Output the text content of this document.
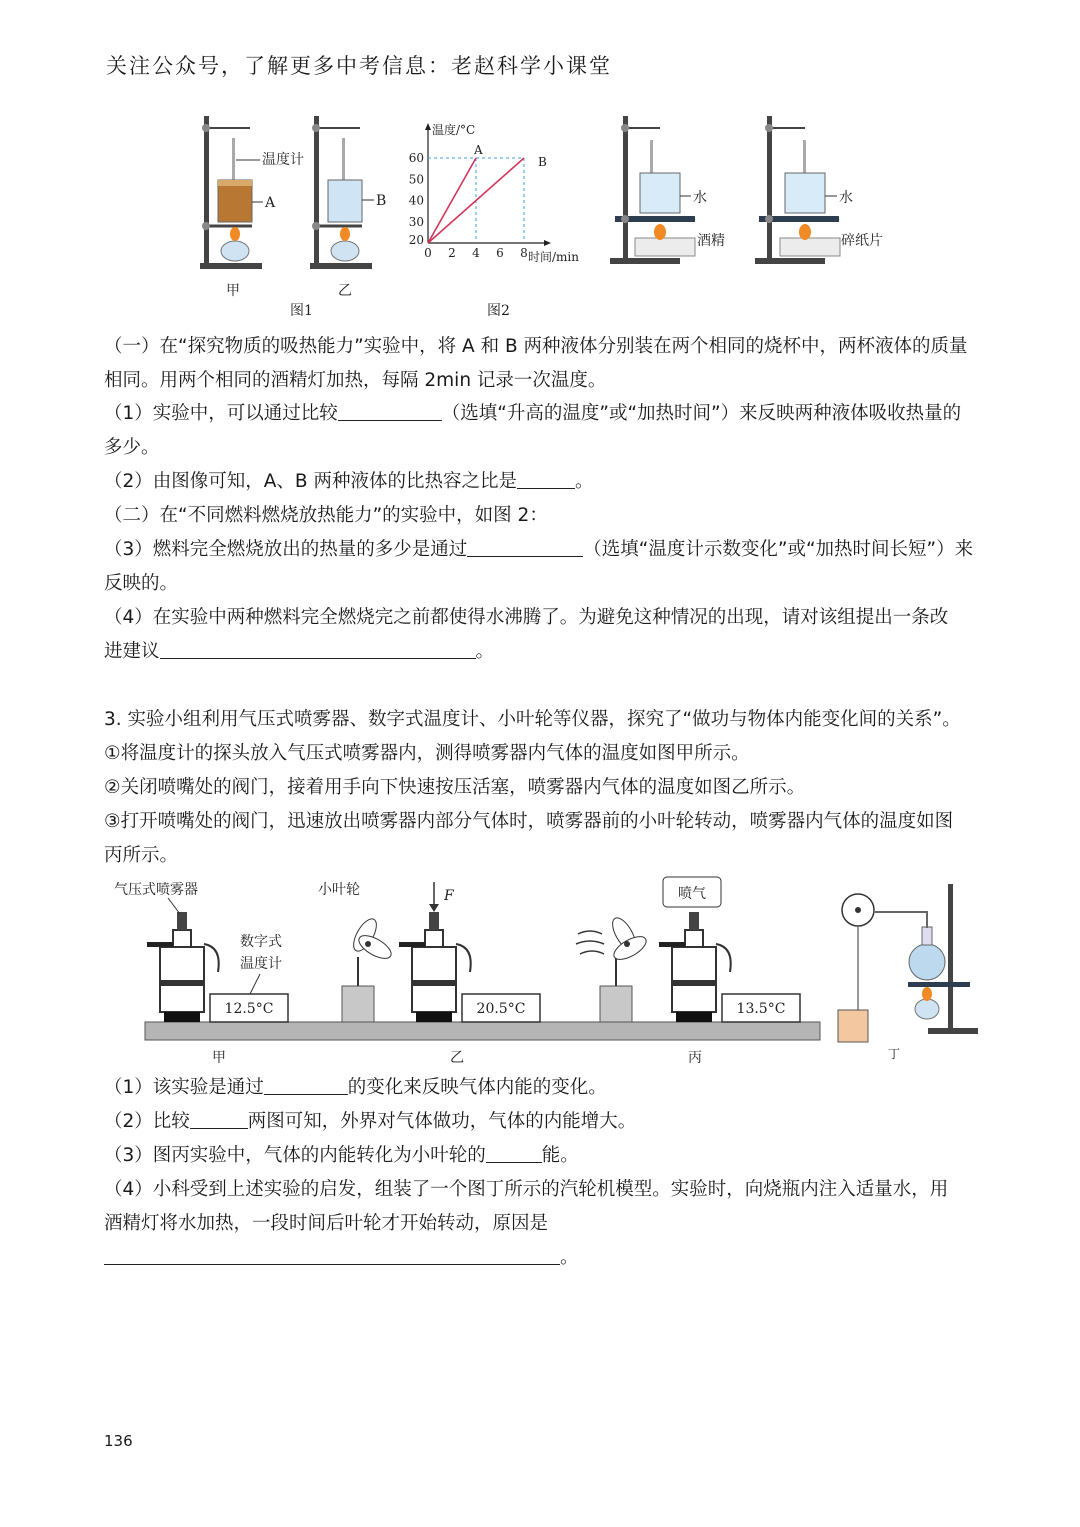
关注公众号，了解更多中考信息：老赵科学小课堂
温度计
A	B
甲	乙
图1
温度/°C
时间/min
0 2 4 6 8
30
40
50
60
20
A
B
图2
水
酒精
水
碎纸片
（一）在“探究物质的吸热能力”实验中，将 A 和 B 两种液体分别装在两个相同的烧杯中，两杯液体的质量
相同。用两个相同的酒精灯加热，每隔 2min 记录一次温度。
（1）实验中，可以通过比较	（选填“升高的温度”或“加热时间”）来反映两种液体吸收热量的
多少。
（2）由图像可知，A、B 两种液体的比热容之比是	。
（二）在“不同燃料燃烧放热能力”的实验中，如图 2：
（3）燃料完全燃烧放出的热量的多少是通过	（选填“温度计示数变化”或“加热时间长短”）来
反映的。
（4）在实验中两种燃料完全燃烧完之前都使得水沸腾了。为避免这种情况的出现，请对该组提出一条改
进建议	。
3. 实验小组利用气压式喷雾器、数字式温度计、小叶轮等仪器，探究了“做功与物体内能变化间的关系”。
①将温度计的探头放入气压式喷雾器内，测得喷雾器内气体的温度如图甲所示。
②关闭喷嘴处的阀门，接着用手向下快速按压活塞，喷雾器内气体的温度如图乙所示。
③打开喷嘴处的阀门，迅速放出喷雾器内部分气体时，喷雾器前的小叶轮转动，喷雾器内气体的温度如图
丙所示。
12.5°C	20.5°C
喷气
13.5°C
气压式喷雾器	小叶轮	F
数字式
温度计
甲	乙	丙	丁
（1）该实验是通过	的变化来反映气体内能的变化。
（2）比较	两图可知，外界对气体做功，气体的内能增大。
（3）图丙实验中，气体的内能转化为小叶轮的	能。
（4）小科受到上述实验的启发，组装了一个图丁所示的汽轮机模型。实验时，向烧瓶内注入适量水，用
酒精灯将水加热，一段时间后叶轮才开始转动，原因是
。
136
